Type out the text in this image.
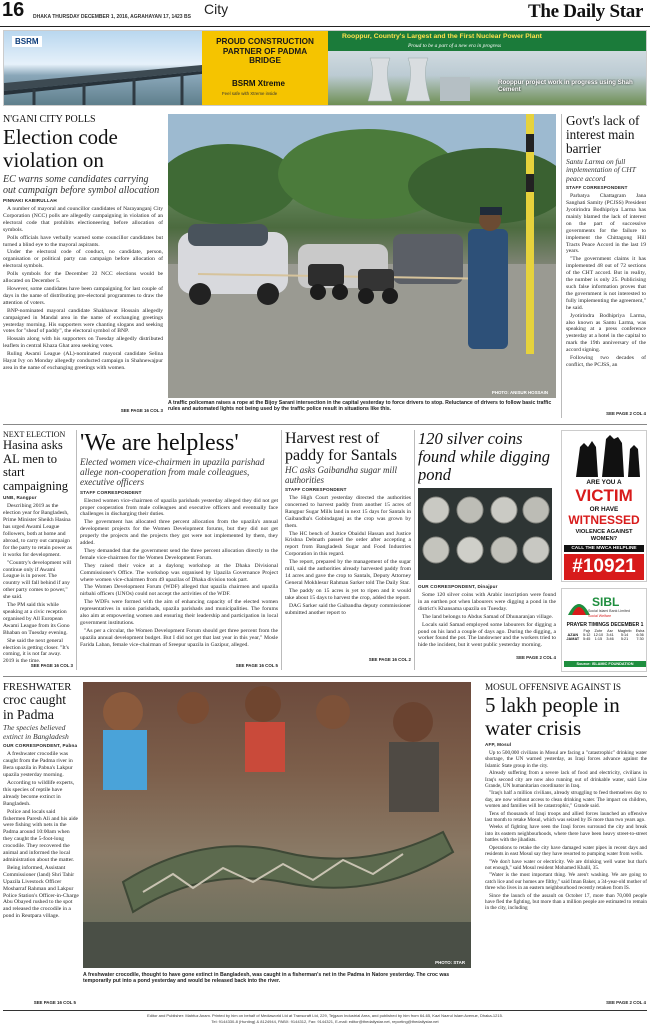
16 DHAKA THURSDAY DECEMBER 1, 2016, AGRAHAYAN 17, 1423 BS City	The Daily Star
BSRM	PROUD CONSTRUCTION PARTNER OF PADMA BRIDGE
BSRM Xtreme
Feel safe with Xtreme inside
Rooppur, Country's Largest and the First Nuclear Power Plant
Proud to be a part of a new era in progress
Rooppur project work in progress using Shah Cement
N'GANI CITY POLLS
Election code violation on
EC warns some candidates carrying out campaign before symbol allocation
PINNAKI KABIRULLAH

A number of mayoral and councillor candidates of Narayanganj City Corporation (NCC) polls are allegedly campaigning in violation of an electoral code that prohibits electioneering before allocation of symbols.

Polls officials have verbally warned some councillor candidates but turned a blind eye to the mayoral aspirants.

Under the electoral code of conduct, no candidate, person, organisation or political party can campaign before allocation of electoral symbols.

Polls symbols for the December 22 NCC elections would be allocated on December 5.

However, some candidates have been campaigning for last couple of days in the name of distributing pre-electoral programmes to draw the attention of voters.

BNP-nominated mayoral candidate Shakhawat Hossain allegedly campaigned in Mandal area in the name of exchanging greetings yesterday morning. His supporters were chanting slogans and seeking votes for "sheaf of paddy", the electoral symbol of BNP.

Hossain along with his supporters on Tuesday allegedly distributed leaflets in central Khaza Ghat area seeking votes.

Ruling Awami League (AL)-nominated mayoral candidate Selina Hayat Ivy on Monday allegedly conducted campaign in Shahnewajpur area in the name of exchanging greetings with women.

SEE PAGE 16 COL 3
PHOTO: ANISUR HOSSAIN
A traffic policeman raises a rope at the Bijoy Sarani intersection in the capital yesterday to force drivers to stop. Reluctance of drivers to follow basic traffic rules and automated lights not being used by the traffic police result in situations like this.
Govt's lack of interest main barrier
Santu Larma on full implementation of CHT peace accord
STAFF CORRESPONDENT

Parbatya Chattagram Jana Sanghati Samity (PCJSS) President Jyotirindra Bodhipriya Larma has mainly blamed the lack of interest on the part of successive governments for the failure to implement the Chittagong Hill Tracts Peace Accord in the last 19 years.

"The government claims it has implemented 48 out of 72 sections of the CHT accord. But in reality, the number is only 25. Publicising such false information proves that the government is not interested to fully implementing the agreement," he said.

Jyotirindra Bodhipriya Larma, also known as Santu Larma, was speaking at a press conference yesterday at a hotel in the capital to mark the 19th anniversary of the accord signing.

Following two decades of conflict, the PCJSS, an

SEE PAGE 2 COL 4
NEXT ELECTION
Hasina asks AL men to start campaigning
UNB, Rangpur

Describing 2019 as the election year for Bangladesh, Prime Minister Sheikh Hasina has urged Awami League followers, both at home and abroad, to carry out campaign for the party to retain power as it works for development.

"Country's development will continue only if Awami League is in power. The country will fall behind if any other party comes to power," she said.

The PM said this while speaking at a civic reception organised by All European Awami League from its Gono Bhaban on Tuesday evening.

She said the next general election is getting closer. "It's coming, it is not far away. 2019 is the time.

SEE PAGE 16 COL 3
'We are helpless'
Elected women vice-chairmen in upazila parishad allege non-cooperation from male colleagues, executive officers
STAFF CORRESPONDENT

Elected women vice-chairmen of upazila parishads yesterday alleged they did not get proper cooperation from male colleagues and executive officers and eventually face challenges in discharging their duties.

The government has allocated three percent allocation from the upazila's annual development projects for the Women Development forums, but they did not get properly the projects and the projects they got were not implemented by them, they added.

They demanded that the government send the three percent allocation directly to the female vice-chairmen for the Women Development Forum.

They raised their voice at a daylong workshop at the Dhaka Divisional Commissioner's Office. The workshop was organised by Upazila Governance Project where women vice-chairmen from 49 upazilas of Dhaka division took part.

The Women Development Forum (WDF) alleged that upazila chairmen and upazila nirbahi officers (UNOs) could not accept the activities of the WDF.

The WDFs were formed with the aim of enhancing capacity of the elected women representatives in union parishads, upazila parishads and municipalities. The forums also aim at empowering women and ensuring their leadership and participation in local government institutions.

"As per a circular, the Women Development Forum should get three percent from the upazila annual development budget. But I did not get that last year in this year," Mosle Farida Laban, female vice-chairman of Sreepur upazila in Gazipur, alleged.

SEE PAGE 16 COL 5
Harvest rest of paddy for Santals
HC asks Gaibandha sugar mill authorities
STAFF CORRESPONDENT

The High Court yesterday directed the authorities concerned to harvest paddy from another 15 acres of Rangpur Sugar Mills land in next 15 days for Santals in Gaibandha's Gobindaganj as the crop was grown by them.

The HC bench of Justice Obaidul Hassan and Justice Krishna Debnath passed the order after accepting a report from Bangladesh Sugar and Food Industries Corporation in this regard.

The report, prepared by the management of the sugar mill, said the authorities already harvested paddy from 14 acres and gave the crop to Santals, Deputy Attorney General Mokhlesur Rahman Sarker told The Daily Star.

The paddy on 15 acres is yet to ripen and it would take about 15 days to harvest the crop, added the report.

DAG Sarker said the Gaibandha deputy commissioner submitted another report to

SEE PAGE 16 COL 2
120 silver coins found while digging pond
OUR CORRESPONDENT, Dinajpur

Some 120 silver coins with Arabic inscription were found in an earthen pot when labourers were digging a pond in the district's Khansama upazila on Tuesday.

The land belongs to Abdus Samad of Dhunaranjan village.

Locals said Samad employed some labourers for digging a pond on his land a couple of days ago. During the digging, a worker found the pot. The landowner and the workers tried to hide the incident, but it went public yesterday morning.

SEE PAGE 2 COL 4
ARE YOU A
VICTIM
OR HAVE
WITNESSED
VIOLENCE AGAINST WOMEN?
CALL THE MWCA HELPLINE
#10921
SIBL
Social Islami Bank Limited
Social Welfare
PRAYER TIMINGS DECEMBER 1
	Fajr	Zohr	Asr	Maghrib	Esha
AZAN	5:12	12:10	3:41	5:14	6:36
JAMAT	5:45	1:15	3:46	5:21	7:30
Source: ISLAMIC FOUNDATION
FRESHWATER
croc caught in Padma
The species believed extinct in Bangladesh
OUR CORRESPONDENT, Pabna

A freshwater crocodile was caught from the Padma river in Bera upazila in Pabna's Lakpur upazila yesterday morning.

According to wildlife experts, this species of reptile have already become extinct in Bangladesh.

Police and locals said fishermen Paresh Ali and his aide were fishing with nets in the Padma around 10:00am when they caught the 5-foot-long crocodile. They recovered the animal and informed the local administration about the matter.

Being informed, Assistant Commissioner (land) Shri Tahir Upazila Livestock Officer Mosharraf Rahman and Lakpur Police Station's Officer-in-Charge Abu Obayed rushed to the spot and released the crocodile in a pond in Reutpara village.

SEE PAGE 16 COL 5
PHOTO: STAR
A freshwater crocodile, thought to have gone extinct in Bangladesh, was caught in a fisherman's net in the Padma in Natore yesterday. The croc was temporarily put into a pond yesterday and would be released back into the river.
MOSUL OFFENSIVE AGAINST IS
5 lakh people in water crisis
AFP, Mosul

Up to 500,000 civilians in Mosul are facing a "catastrophic" drinking water shortage, the UN warned yesterday, as Iraqi forces advance against the Islamic State group in the city.

Already suffering from a severe lack of food and electricity, civilians in Iraq's second city are now also running out of drinkable water, said Lise Grande, UN humanitarian coordinator in Iraq.

"Iraq's half a million civilians, already struggling to feed themselves day to day, are now without access to clean drinking water. The impact on children, women and families will be catastrophic," Grande said.

Tens of thousands of Iraqi troops and allied forces launched an offensive last month to retake Mosul, which was seized by IS more than two years ago.

Weeks of fighting have seen the Iraqi forces surround the city and break into its eastern neighbourhoods, where there have been heavy street-to-street battles with the jihadists.

Operations to retake the city have damaged water pipes in recent days and residents in east Mosul say they have resorted to pumping water from wells.

"We don't have water or electricity. We are drinking well water but that's not enough," said Mosul resident Mohamed Khalil, 35.

"Water is the most important thing. We aren't washing. We are going to catch lice and our homes are filthy," said Iman Baker, a 34-year-old mother of three who lives in an eastern neighbourhood recently retaken from IS.

Since the launch of the assault on October 17, more than 70,000 people have fled the fighting, but more than a million people are estimated to remain in the city, including

SEE PAGE 2 COL 4
Editor and Publisher: Mahfuz Anam. Printed by him on behalf of Mediaworld Ltd at Transcraft Ltd, 229, Tejgaon Industrial Area, and published by him from 64-65, Kazi Nazrul Islam Avenue, Dhaka-1215.
Tel: 9144330-8 (Hunting) & 8124944, PABX: 9144312, Fax: 9144321, E-mail: editor@thedailystar.net, reporting@thedailystar.net
